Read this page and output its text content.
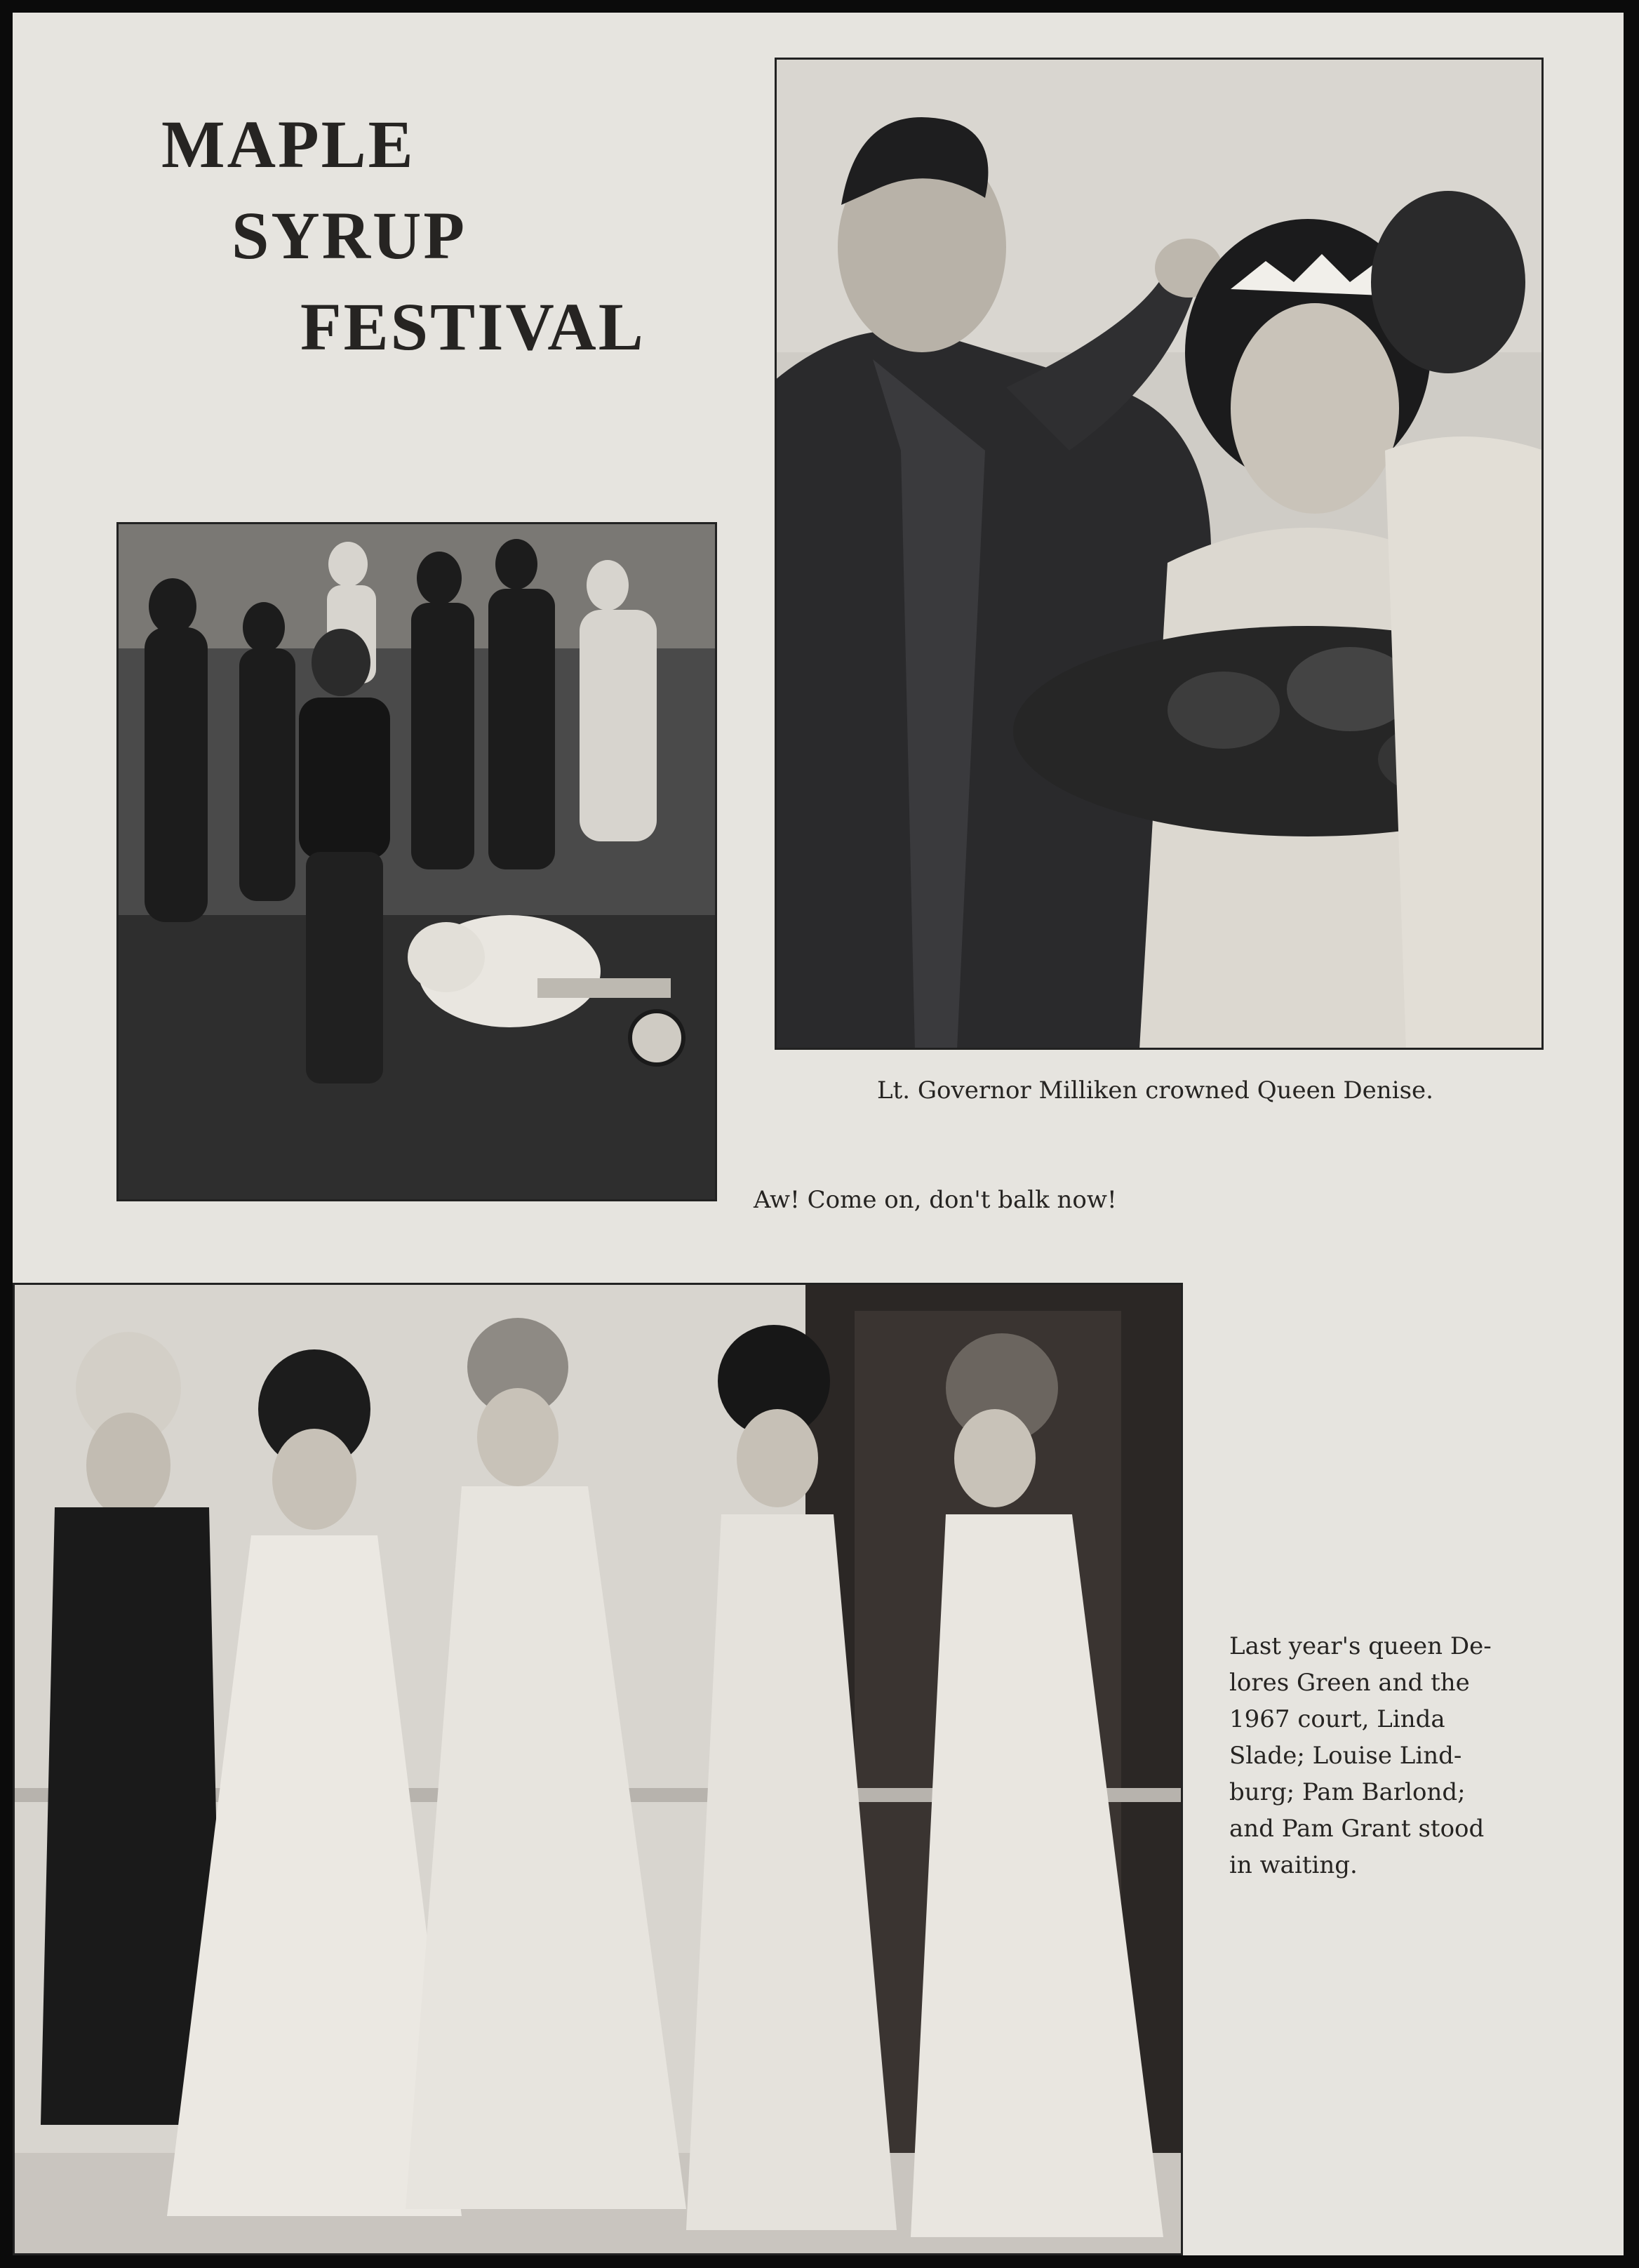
MAPLE
SYRUP
FESTIVAL
Lt. Governor Milliken crowned Queen Denise.
Aw! Come on, don't balk now!
Last year's queen De-
lores Green and the
1967 court, Linda
Slade; Louise Lind-
burg; Pam Barlond;
and Pam Grant stood
in waiting.
